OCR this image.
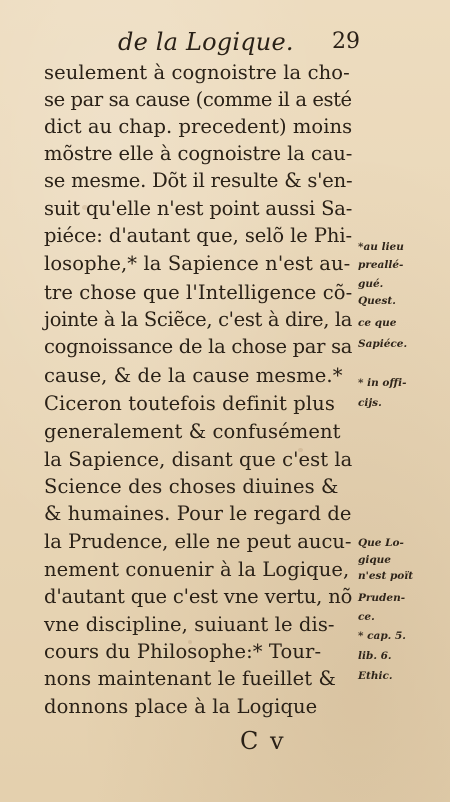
de la Logique. 29
seulement à cognoistre la cho-
se par sa cause (comme il a esté
dict au chap. precedent) moins
mõstre elle à cognoistre la cau-
se mesme. Dõt il resulte & s'en-
suit qu'elle n'est point aussi Sa-
piéce: d'autant que, selõ le Phi-
losophe,* la Sapience n'est au-
tre chose que l'Intelligence cõ-
jointe à la Sciẽce, c'est à dire, la
cognoissance de la chose par sa
cause, & de la cause mesme.*
Ciceron toutefois definit plus
generalement & confusément
la Sapience, disant que c'est la
Science des choses diuines &
& humaines. Pour le regard de
la Prudence, elle ne peut aucu-
nement conuenir à la Logique,
d'autant que c'est vne vertu, nõ
vne discipline, suiuant le dis-
cours du Philosophe:* Tour-
nons maintenant le fueillet &
donnons place à la Logique
*au lieu
preallé-
gué.
Quest.
ce que
Sapiéce.
* in offi-
cijs.
Que Lo-
gique
n'est poït
Pruden-
ce.
* cap. 5.
lib. 6.
Ethic.
C v
